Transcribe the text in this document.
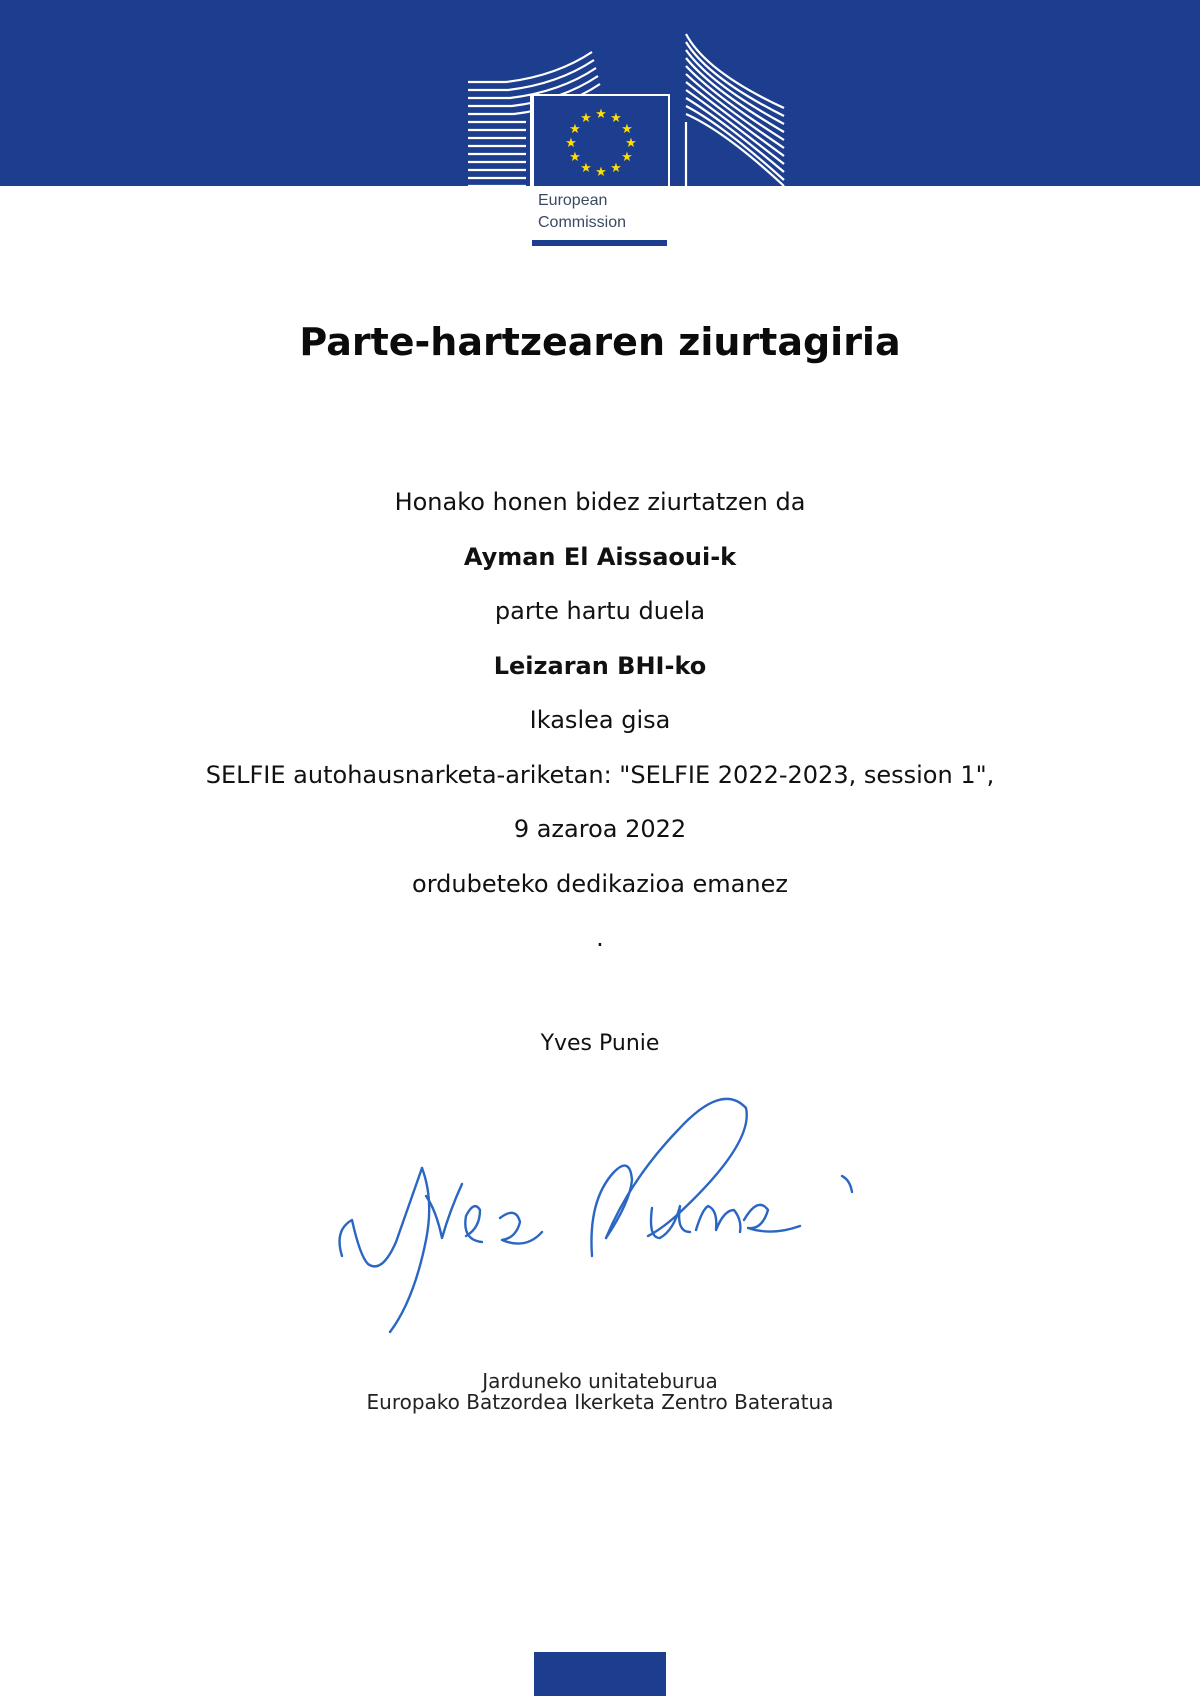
★ ★
★
★
★
★
★
★
★
★
★
★
European
Commission
Parte-hartzearen ziurtagiria
Honako honen bidez ziurtatzen da
Ayman El Aissaoui-k
parte hartu duela
Leizaran BHI-ko
Ikaslea gisa
SELFIE autohausnarketa-ariketan: "SELFIE 2022-2023, session 1",
9 azaroa 2022
ordubeteko dedikazioa emanez
.
Yves Punie
Jarduneko unitateburua
Europako Batzordea Ikerketa Zentro Bateratua
